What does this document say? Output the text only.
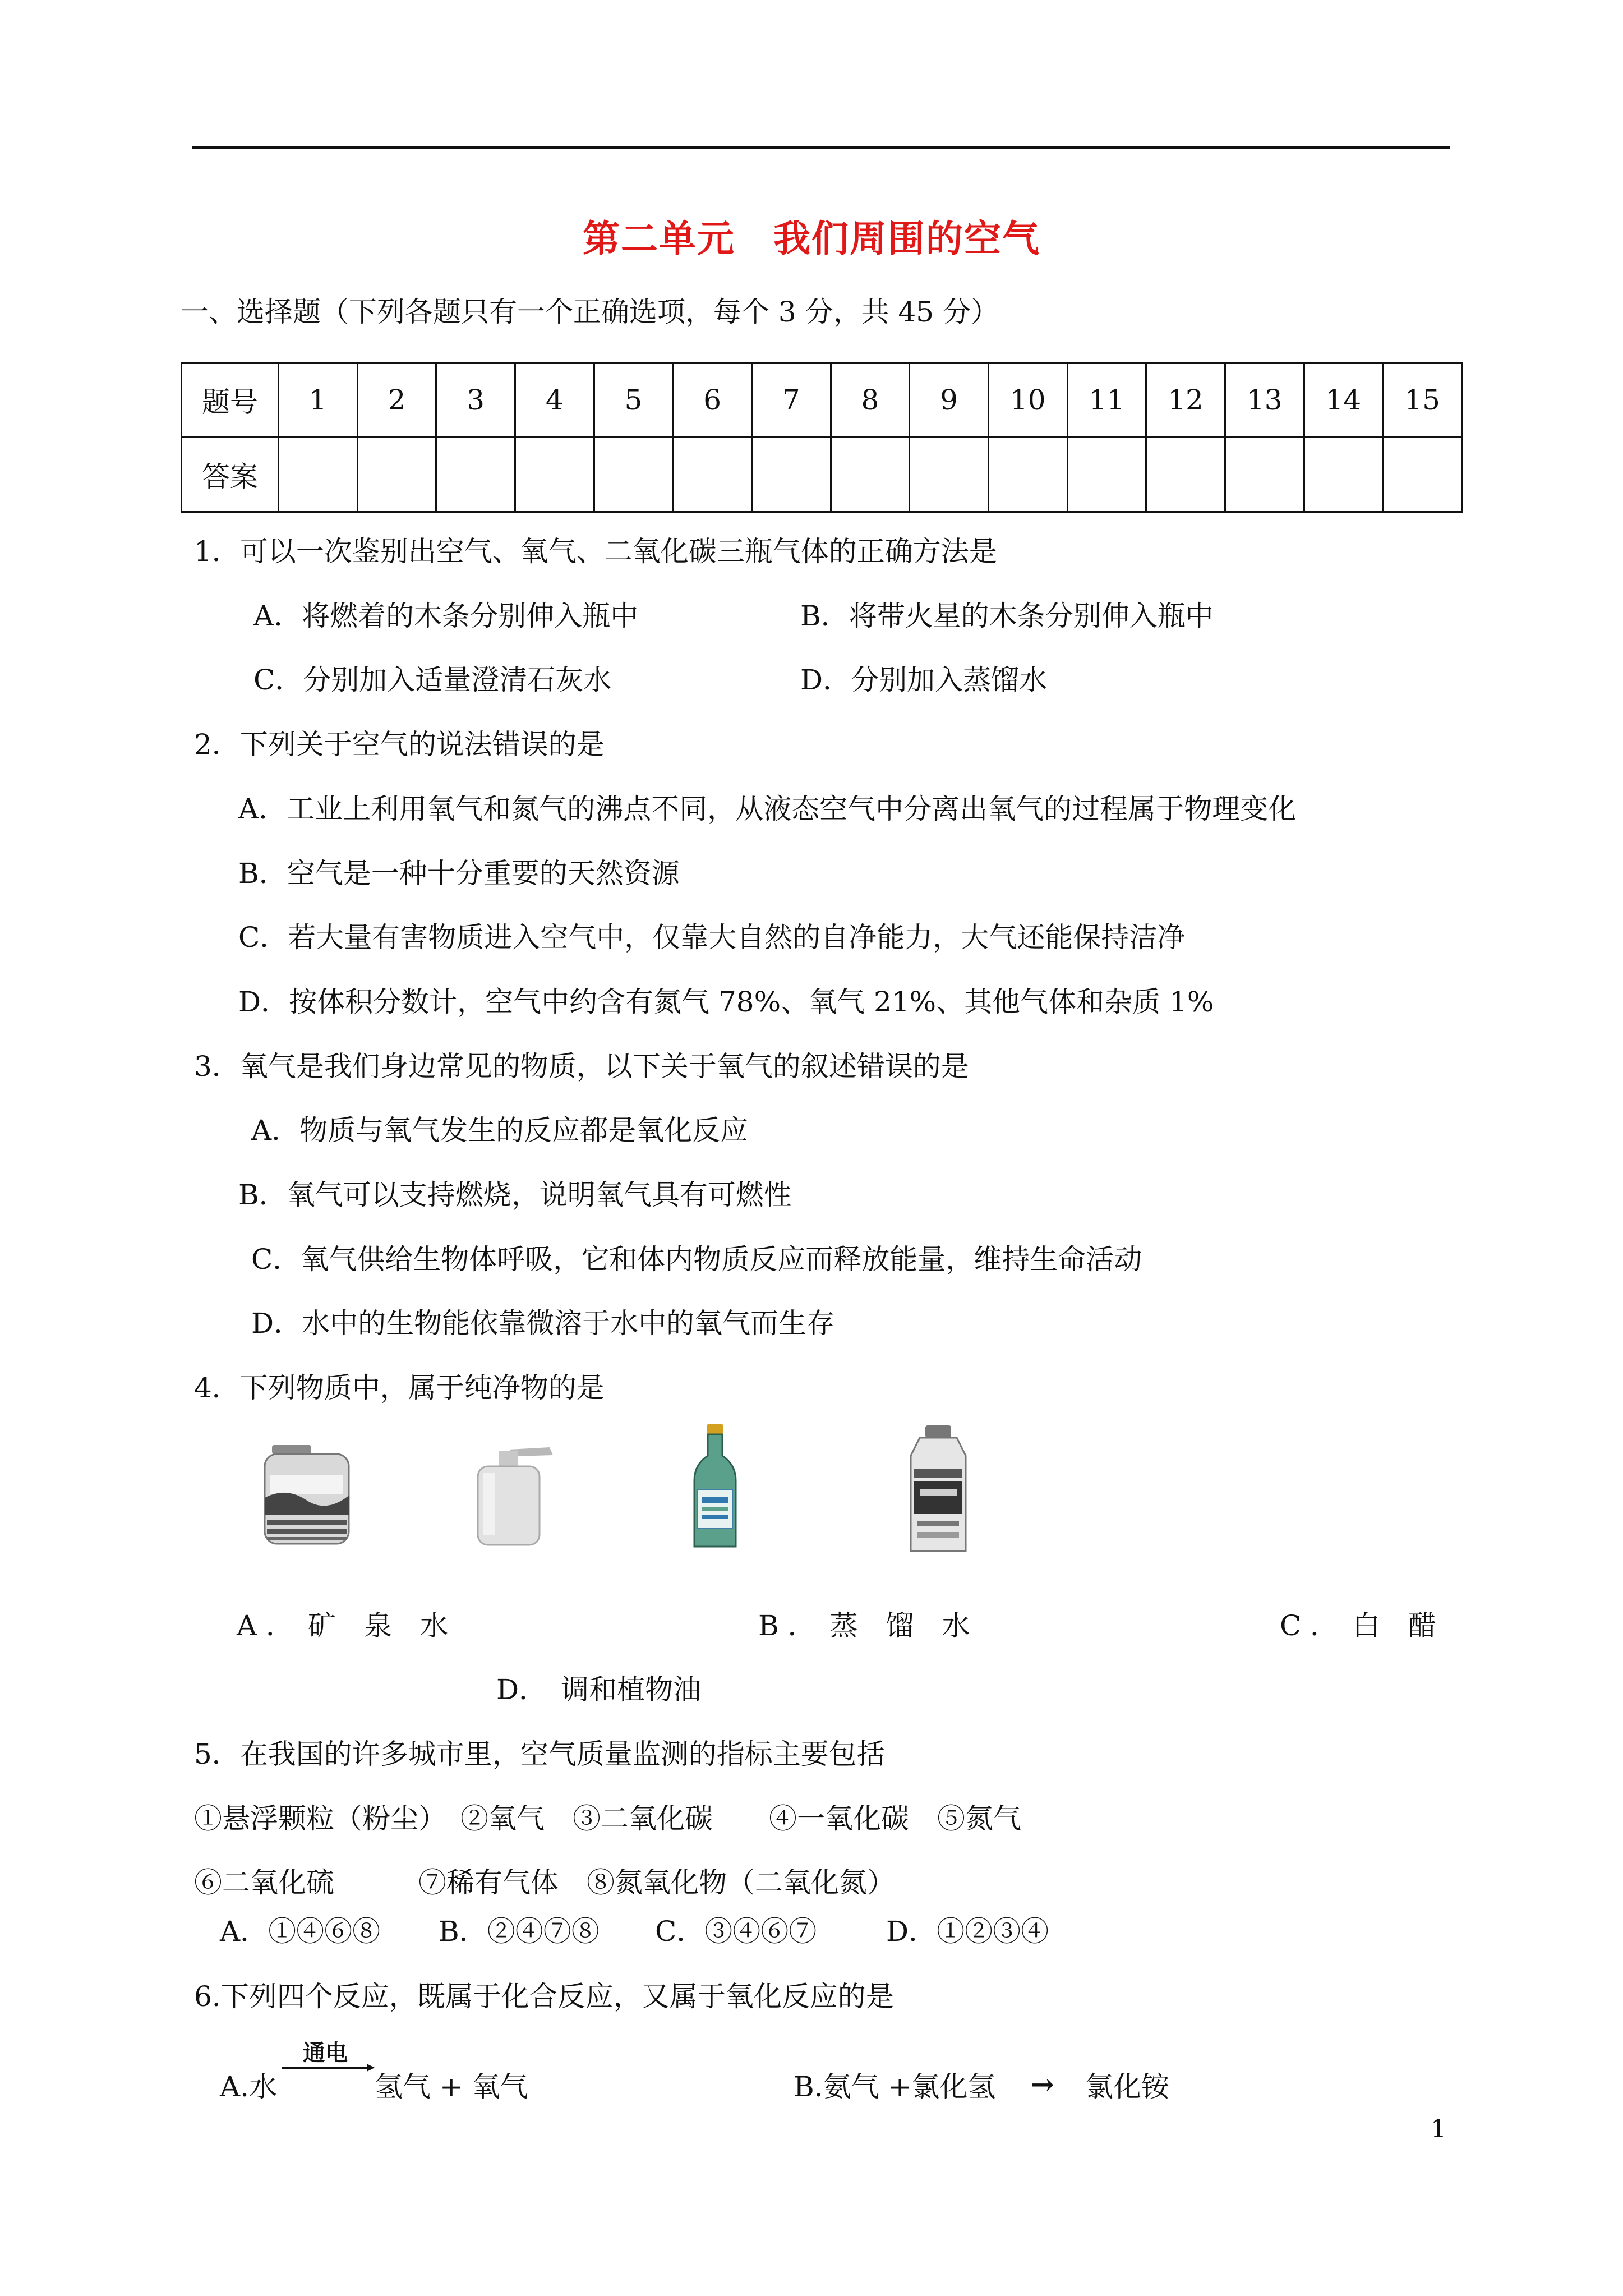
第二单元　我们周围的空气
一、选择题（下列各题只有一个正确选项，每个 3 分，共 45 分）
题号	1	2	3	4	5	6	7	8	9	10	11	12	13	14	15
答案															
1．可以一次鉴别出空气、氧气、二氧化碳三瓶气体的正确方法是
A．将燃着的木条分别伸入瓶中	B．将带火星的木条分别伸入瓶中
C．分别加入适量澄清石灰水	D．分别加入蒸馏水
2．下列关于空气的说法错误的是
A．工业上利用氧气和氮气的沸点不同，从液态空气中分离出氧气的过程属于物理变化
B．空气是一种十分重要的天然资源
C．若大量有害物质进入空气中，仅靠大自然的自净能力，大气还能保持洁净
D．按体积分数计，空气中约含有氮气 78%、氧气 21%、其他气体和杂质 1%
3．氧气是我们身边常见的物质，以下关于氧气的叙述错误的是
A．物质与氧气发生的反应都是氧化反应
B．氧气可以支持燃烧，说明氧气具有可燃性
C．氧气供给生物体呼吸，它和体内物质反应而释放能量，维持生命活动
D．水中的生物能依靠微溶于水中的氧气而生存
4．下列物质中，属于纯净物的是
A ．　矿　泉　水	B ．　蒸　馏　水	C ．　白　醋
D．　调和植物油
5．在我国的许多城市里，空气质量监测的指标主要包括
①悬浮颗粒（粉尘）　②氧气　③二氧化碳　　④一氧化碳　⑤氮气
⑥二氧化硫　　　⑦稀有气体　⑧氮氧化物（二氧化氮）
A．①④⑥⑧ B．②④⑦⑧ C．③④⑥⑦ D．①②③④
6.下列四个反应，既属于化合反应，又属于氧化反应的是
A.水
通电
氢气 + 氧气	B.氨气 +氯化氢 → 氯化铵
1
